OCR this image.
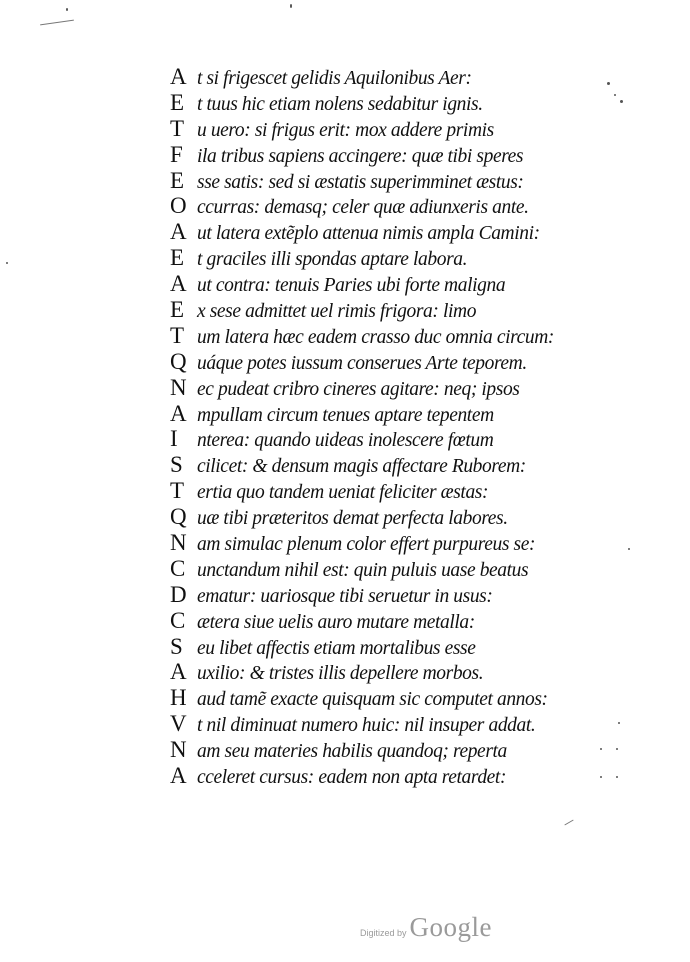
A t si frigescet gelidis Aquilonibus Aer:
E t tuus hic etiam nolens sedabitur ignis.
T u uero: si frigus erit: mox addere primis
F ila tribus sapiens accingere: quæ tibi speres
E sse satis: sed si æstatis superimminet æstus:
O ccurras: demasq; celer quæ adiunxeris ante.
A ut latera extẽplo attenua nimis ampla Camini:
E t graciles illi spondas aptare labora.
A ut contra: tenuis Paries ubi forte maligna
E x sese admittet uel rimis frigora: limo
T um latera hæc eadem crasso duc omnia circum:
Q uáque potes iussum conserues Arte teporem.
N ec pudeat cribro cineres agitare: neq; ipsos
A mpullam circum tenues aptare tepentem
I nterea: quando uideas inolescere fœtum
S cilicet: & densum magis affectare Ruborem:
T ertia quo tandem ueniat feliciter æstas:
Q uæ tibi præteritos demat perfecta labores.
N am simulac plenum color effert purpureus se:
C unctandum nihil est: quin puluis uase beatus
D ematur: uariosque tibi seruetur in usus:
C ætera siue uelis auro mutare metalla:
S eu libet affectis etiam mortalibus esse
A uxilio: & tristes illis depellere morbos.
H aud tamẽ exacte quisquam sic computet annos:
V t nil diminuat numero huic: nil insuper addat.
N am seu materies habilis quandoq; reperta
A cceleret cursus: eadem non apta retardet:
Digitized by Google
